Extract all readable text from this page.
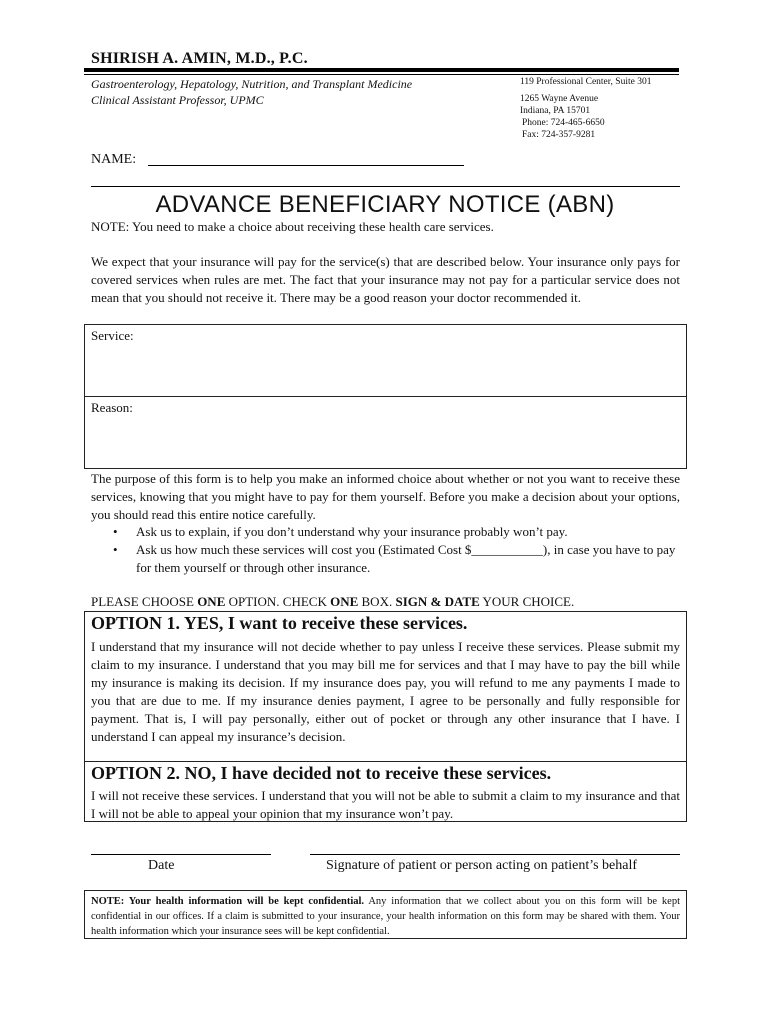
SHIRISH A. AMIN, M.D., P.C.
Gastroenterology, Hepatology, Nutrition, and Transplant Medicine
Clinical Assistant Professor, UPMC
119 Professional Center, Suite 301
1265 Wayne Avenue
Indiana, PA 15701
Phone: 724-465-6650
Fax: 724-357-9281
NAME:
ADVANCE BENEFICIARY NOTICE (ABN)
NOTE: You need to make a choice about receiving these health care services.
We expect that your insurance will pay for the service(s) that are described below. Your insurance only pays for covered services when rules are met. The fact that your insurance may not pay for a particular service does not mean that you should not receive it. There may be a good reason your doctor recommended it.
Service:
Reason:
The purpose of this form is to help you make an informed choice about whether or not you want to receive these services, knowing that you might have to pay for them yourself. Before you make a decision about your options, you should read this entire notice carefully.
• Ask us to explain, if you don’t understand why your insurance probably won’t pay.
• Ask us how much these services will cost you (Estimated Cost $___________), in case you have to pay for them yourself or through other insurance.
PLEASE CHOOSE ONE OPTION. CHECK ONE BOX. SIGN & DATE YOUR CHOICE.
OPTION 1. YES, I want to receive these services.
I understand that my insurance will not decide whether to pay unless I receive these services. Please submit my claim to my insurance. I understand that you may bill me for services and that I may have to pay the bill while my insurance is making its decision. If my insurance does pay, you will refund to me any payments I made to you that are due to me. If my insurance denies payment, I agree to be personally and fully responsible for payment. That is, I will pay personally, either out of pocket or through any other insurance that I have. I understand I can appeal my insurance’s decision.
OPTION 2. NO, I have decided not to receive these services.
I will not receive these services. I understand that you will not be able to submit a claim to my insurance and that I will not be able to appeal your opinion that my insurance won’t pay.
Date	Signature of patient or person acting on patient’s behalf
NOTE: Your health information will be kept confidential. Any information that we collect about you on this form will be kept confidential in our offices. If a claim is submitted to your insurance, your health information on this form may be shared with them. Your health information which your insurance sees will be kept confidential.
